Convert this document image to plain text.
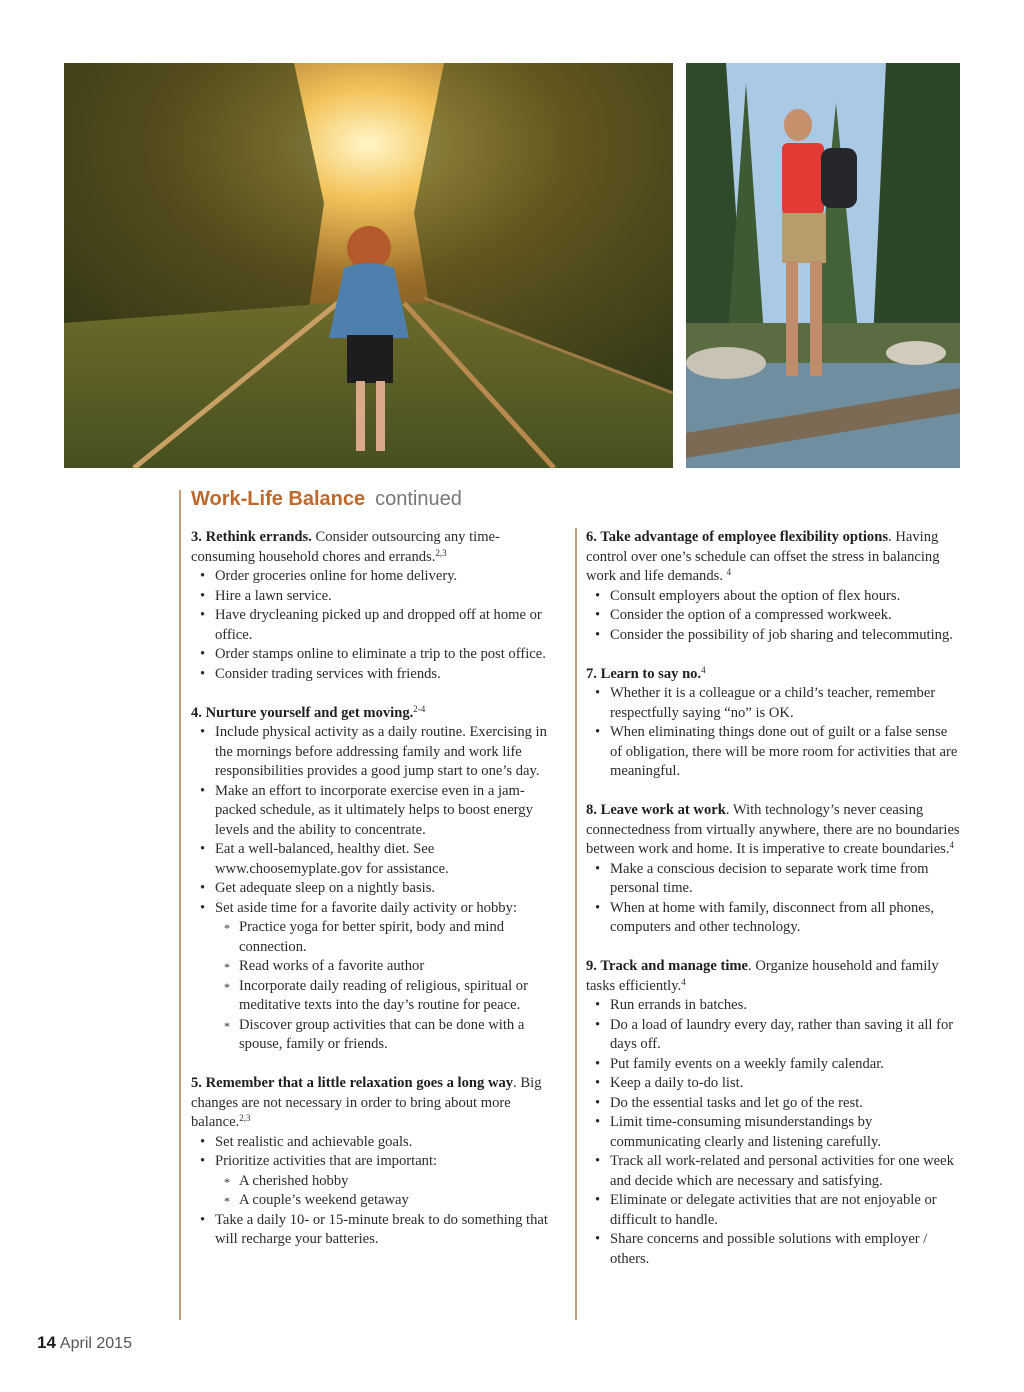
Work-Life Balance continued
3. Rethink errands. Consider outsourcing any time-consuming household chores and errands.$^{2,3}$
• Order groceries online for home delivery.
• Hire a lawn service.
• Have drycleaning picked up and dropped off at home or office.
• Order stamps online to eliminate a trip to the post office.
• Consider trading services with friends.
4. Nurture yourself and get moving.$^{2-4}$
• Include physical activity as a daily routine. Exercising in the mornings before addressing family and work life responsibilities provides a good jump start to one’s day.
• Make an effort to incorporate exercise even in a jam-packed schedule, as it ultimately helps to boost energy levels and the ability to concentrate.
• Eat a well-balanced, healthy diet. See www.choosemyplate.gov for assistance.
• Get adequate sleep on a nightly basis.
• Set aside time for a favorite daily activity or hobby:
* Practice yoga for better spirit, body and mind connection.
* Read works of a favorite author
* Incorporate daily reading of religious, spiritual or meditative texts into the day’s routine for peace.
* Discover group activities that can be done with a spouse, family or friends.
5. Remember that a little relaxation goes a long way. Big changes are not necessary in order to bring about more balance.$^{2,3}$
• Set realistic and achievable goals.
• Prioritize activities that are important:
* A cherished hobby
* A couple’s weekend getaway
• Take a daily 10- or 15-minute break to do something that will recharge your batteries.
6. Take advantage of employee flexibility options. Having control over one’s schedule can offset the stress in balancing work and life demands. $^4$
• Consult employers about the option of flex hours.
• Consider the option of a compressed workweek.
• Consider the possibility of job sharing and telecommuting.
7. Learn to say no.$^4$
• Whether it is a colleague or a child’s teacher, remember respectfully saying “no” is OK.
• When eliminating things done out of guilt or a false sense of obligation, there will be more room for activities that are meaningful.
8. Leave work at work. With technology’s never ceasing connectedness from virtually anywhere, there are no boundaries between work and home. It is imperative to create boundaries.$^4$
• Make a conscious decision to separate work time from personal time.
• When at home with family, disconnect from all phones, computers and other technology.
9. Track and manage time. Organize household and family tasks efficiently.$^4$
• Run errands in batches.
• Do a load of laundry every day, rather than saving it all for days off.
• Put family events on a weekly family calendar.
• Keep a daily to-do list.
• Do the essential tasks and let go of the rest.
• Limit time-consuming misunderstandings by communicating clearly and listening carefully.
• Track all work-related and personal activities for one week and decide which are necessary and satisfying.
• Eliminate or delegate activities that are not enjoyable or difficult to handle.
• Share concerns and possible solutions with employer / others.
14 April 2015
